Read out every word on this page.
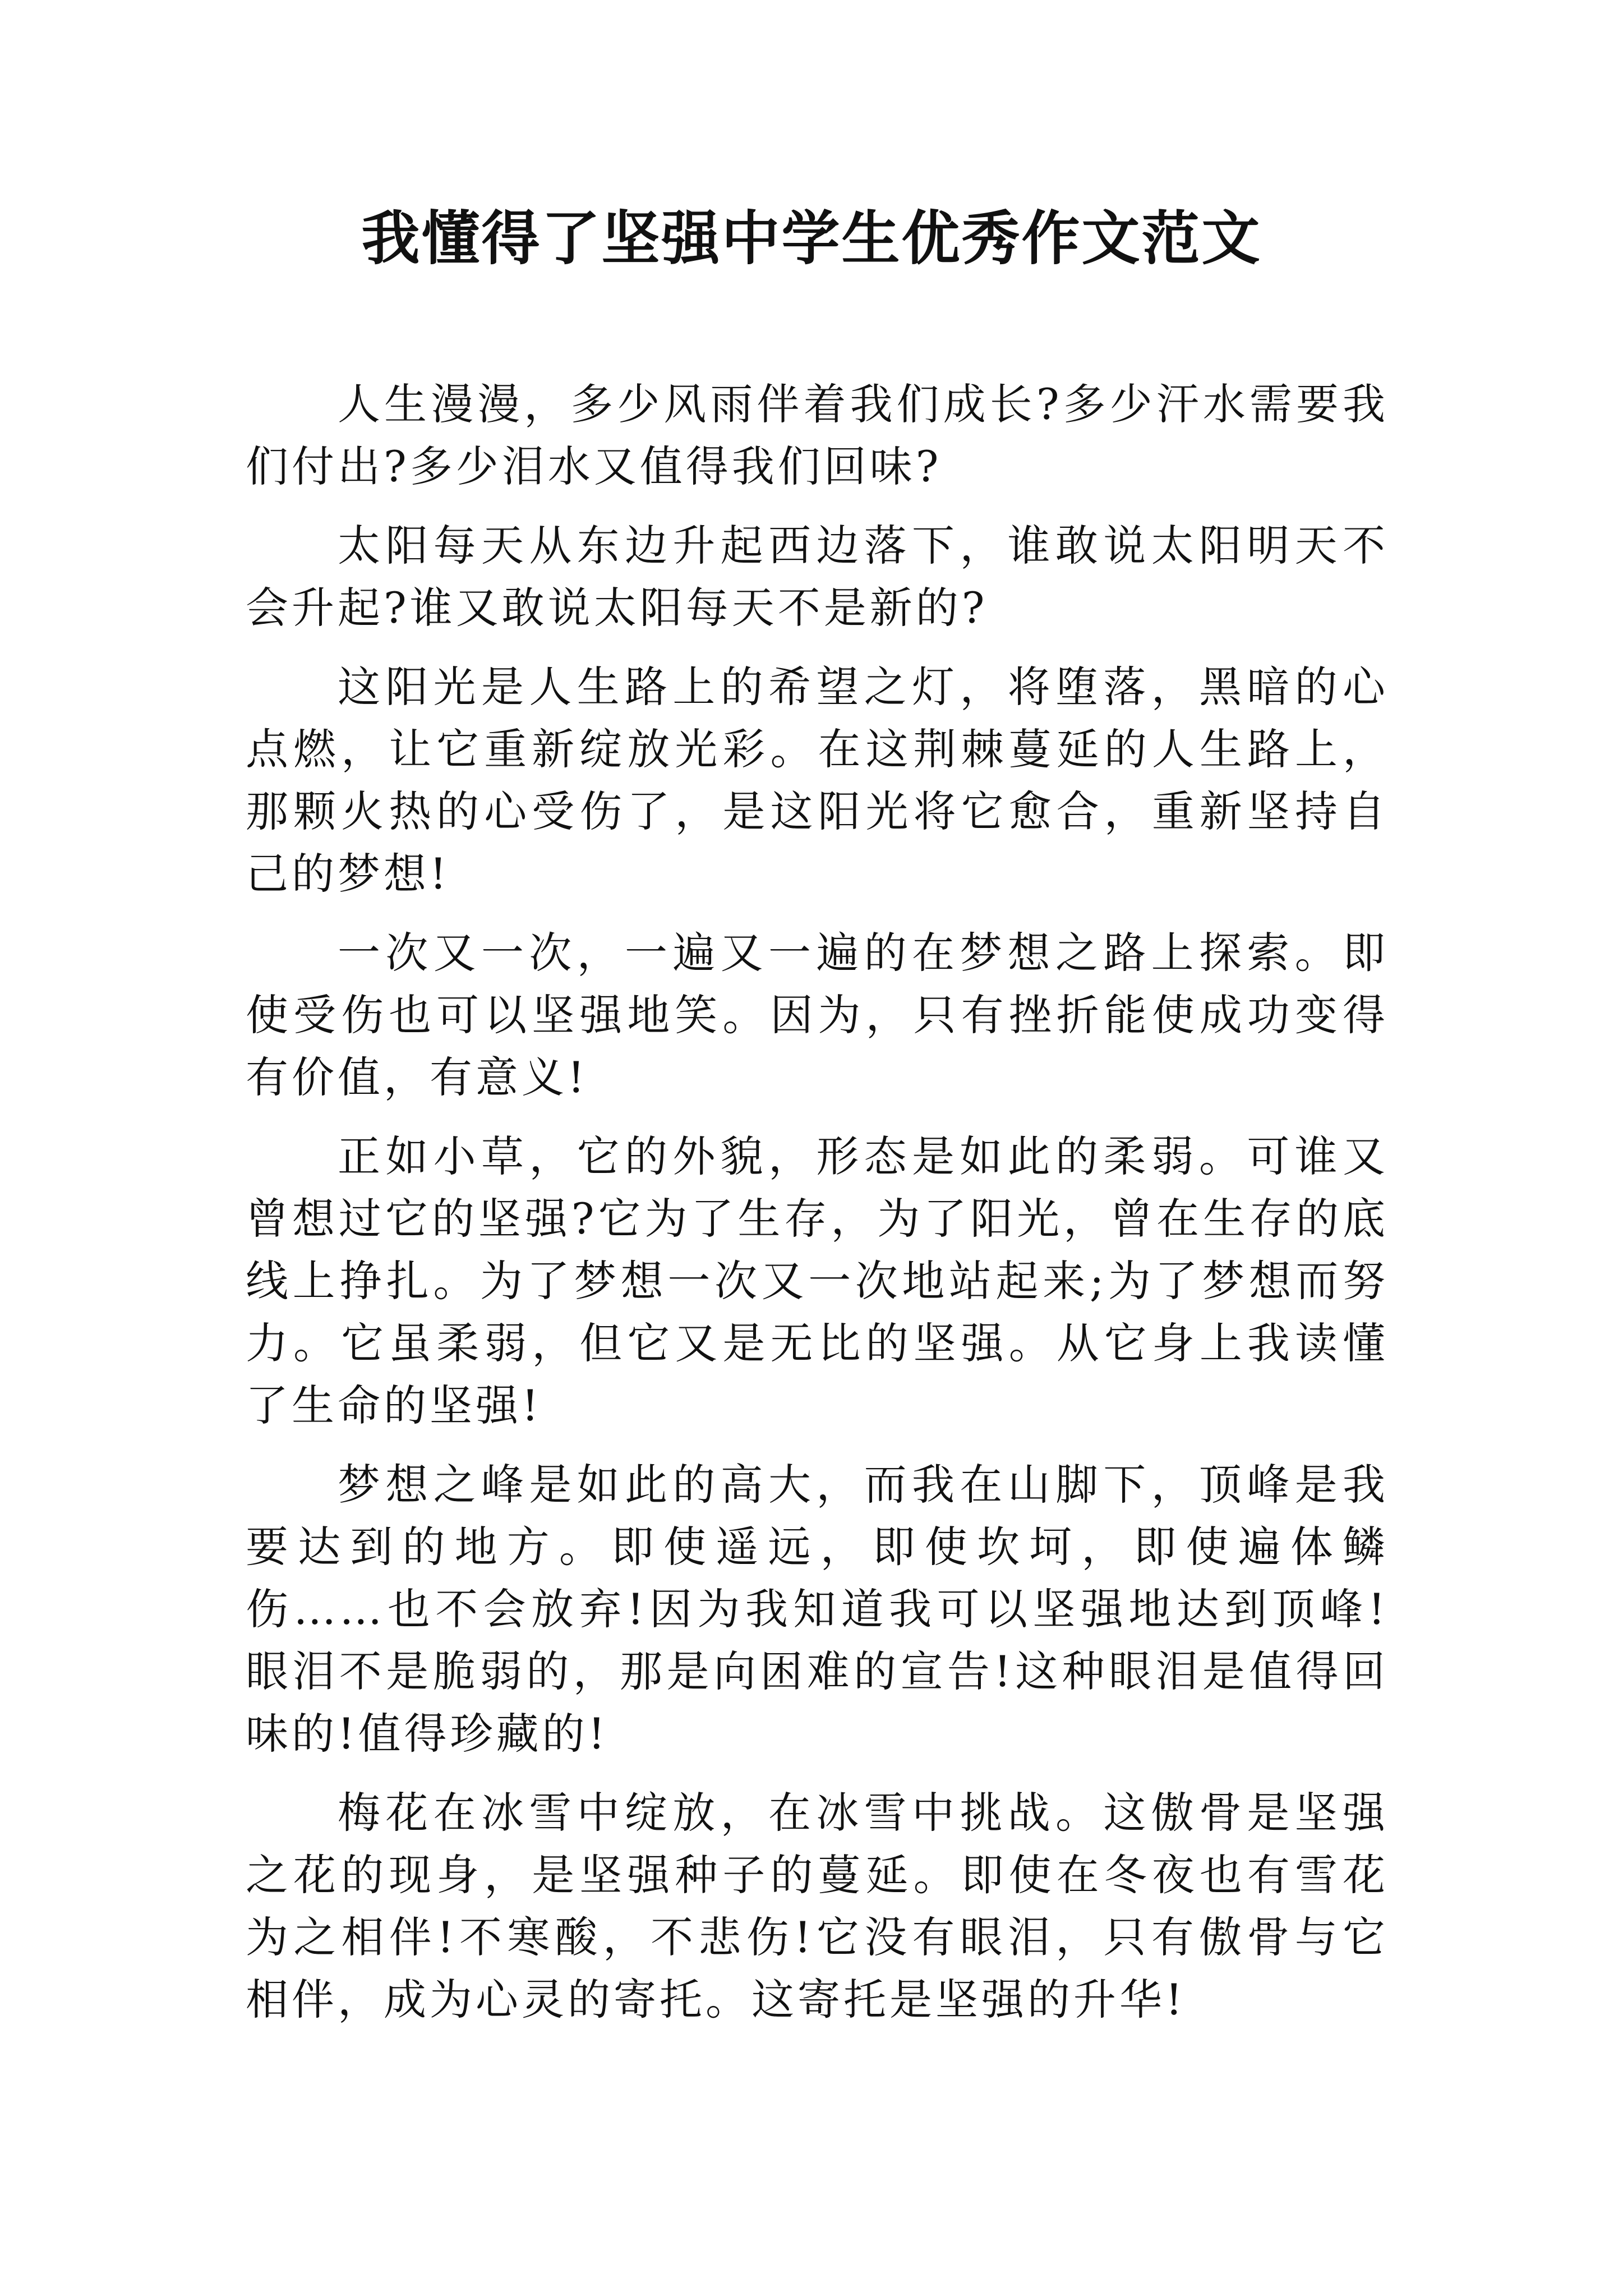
我懂得了坚强中学生优秀作文范文

人生漫漫，多少风雨伴着我们成长?多少汗水需要我们付出?多少泪水又值得我们回味?

太阳每天从东边升起西边落下，谁敢说太阳明天不会升起?谁又敢说太阳每天不是新的?

这阳光是人生路上的希望之灯，将堕落，黑暗的心点燃，让它重新绽放光彩。在这荆棘蔓延的人生路上，那颗火热的心受伤了，是这阳光将它愈合，重新坚持自己的梦想!

一次又一次，一遍又一遍的在梦想之路上探索。即使受伤也可以坚强地笑。因为，只有挫折能使成功变得有价值，有意义!

正如小草，它的外貌，形态是如此的柔弱。可谁又曾想过它的坚强?它为了生存，为了阳光，曾在生存的底线上挣扎。为了梦想一次又一次地站起来;为了梦想而努力。它虽柔弱，但它又是无比的坚强。从它身上我读懂了生命的坚强!

梦想之峰是如此的高大，而我在山脚下，顶峰是我要达到的地方。即使遥远，即使坎坷，即使遍体鳞伤……也不会放弃!因为我知道我可以坚强地达到顶峰!眼泪不是脆弱的，那是向困难的宣告!这种眼泪是值得回味的!值得珍藏的!

梅花在冰雪中绽放，在冰雪中挑战。这傲骨是坚强之花的现身，是坚强种子的蔓延。即使在冬夜也有雪花为之相伴!不寒酸，不悲伤!它没有眼泪，只有傲骨与它相伴，成为心灵的寄托。这寄托是坚强的升华!
